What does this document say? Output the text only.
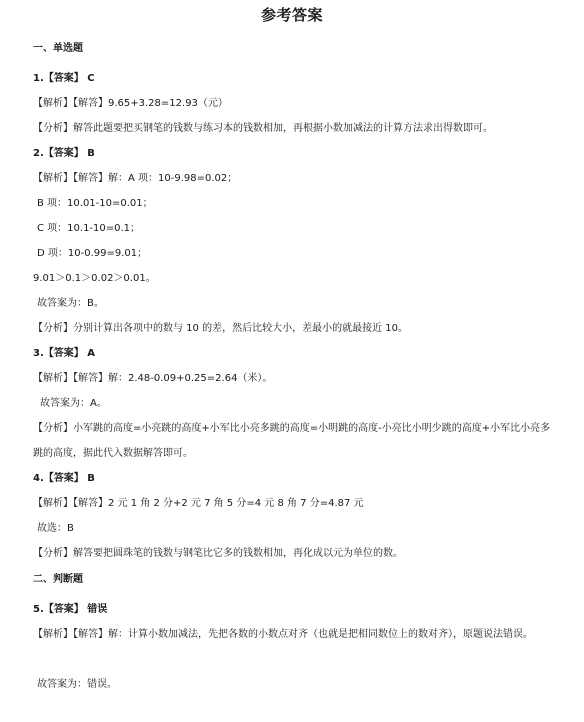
参考答案
一、单选题
1.【答案】 C
【解析】【解答】9.65+3.28=12.93（元）
【分析】解答此题要把买钢笔的钱数与练习本的钱数相加，再根据小数加减法的计算方法求出得数即可。
2.【答案】 B
【解析】【解答】解：A 项：10-9.98=0.02；
B 项：10.01-10=0.01；
C 项：10.1-10=0.1；
D 项：10-0.99=9.01；
9.01＞0.1＞0.02＞0.01。
故答案为：B。
【分析】分别计算出各项中的数与 10 的差，然后比较大小，差最小的就最接近 10。
3.【答案】 A
【解析】【解答】解：2.48-0.09+0.25=2.64（米）。
故答案为：A。
【分析】小军跳的高度=小亮跳的高度+小军比小亮多跳的高度=小明跳的高度-小亮比小明少跳的高度+小军比小亮多跳的高度，据此代入数据解答即可。
4.【答案】 B
【解析】【解答】2 元 1 角 2 分+2 元 7 角 5 分=4 元 8 角 7 分=4.87 元
故选：B
【分析】解答要把圆珠笔的钱数与钢笔比它多的钱数相加，再化成以元为单位的数。
二、判断题
5.【答案】 错误
【解析】【解答】解：计算小数加减法，先把各数的小数点对齐（也就是把相同数位上的数对齐），原题说法错误。
故答案为：错误。
